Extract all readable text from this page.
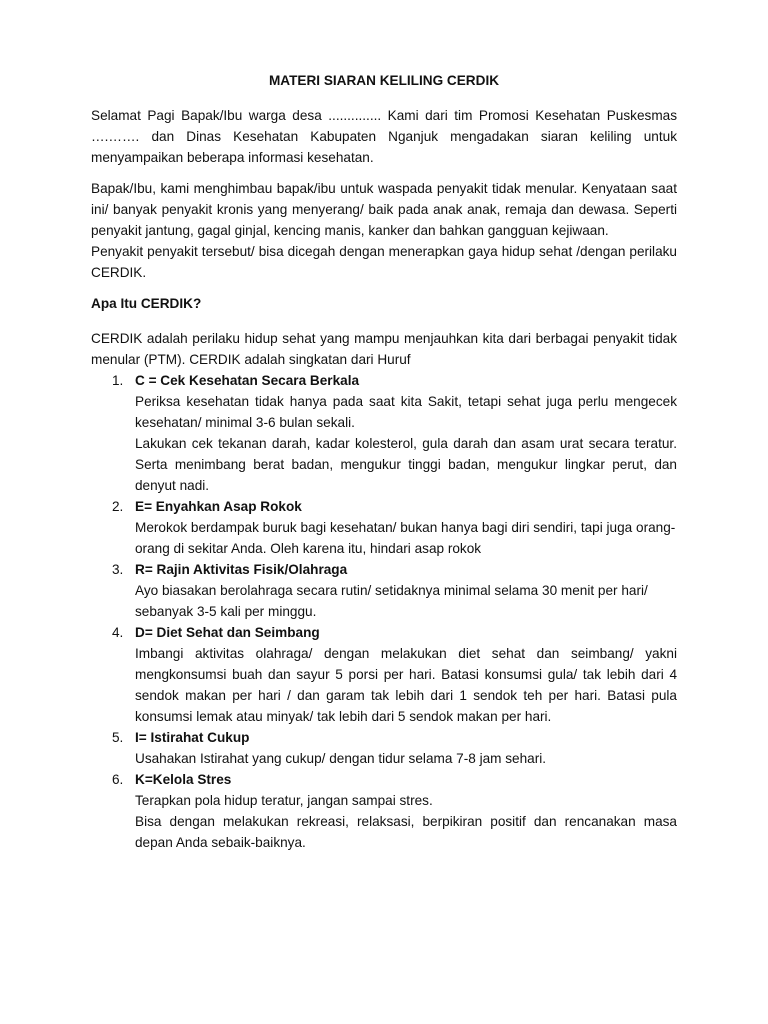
MATERI SIARAN KELILING CERDIK

Selamat Pagi Bapak/Ibu warga desa .............. Kami dari tim Promosi Kesehatan Puskesmas ….……. dan Dinas Kesehatan Kabupaten Nganjuk mengadakan siaran keliling untuk menyampaikan beberapa informasi kesehatan.

Bapak/Ibu, kami menghimbau bapak/ibu untuk waspada penyakit tidak menular. Kenyataan saat ini/ banyak penyakit kronis yang menyerang/ baik pada anak anak, remaja dan dewasa. Seperti penyakit jantung, gagal ginjal, kencing manis, kanker dan bahkan gangguan kejiwaan.

Penyakit penyakit tersebut/ bisa dicegah dengan menerapkan gaya hidup sehat /dengan perilaku CERDIK.

Apa Itu CERDIK?

CERDIK adalah perilaku hidup sehat yang mampu menjauhkan kita dari berbagai penyakit tidak menular (PTM). CERDIK adalah singkatan dari Huruf

1. C = Cek Kesehatan Secara Berkala

Periksa kesehatan tidak hanya pada saat kita Sakit, tetapi sehat juga perlu mengecek kesehatan/ minimal 3-6 bulan sekali.

Lakukan cek tekanan darah, kadar kolesterol, gula darah dan asam urat secara teratur. Serta menimbang berat badan, mengukur tinggi badan, mengukur lingkar perut, dan denyut nadi.

2. E= Enyahkan Asap Rokok

Merokok berdampak buruk bagi kesehatan/ bukan hanya bagi diri sendiri, tapi juga orang-orang di sekitar Anda. Oleh karena itu, hindari asap rokok

3. R= Rajin Aktivitas Fisik/Olahraga

Ayo biasakan berolahraga secara rutin/ setidaknya minimal selama 30 menit per hari/ sebanyak 3-5 kali per minggu.

4. D= Diet Sehat dan Seimbang

Imbangi aktivitas olahraga/ dengan melakukan diet sehat dan seimbang/ yakni mengkonsumsi buah dan sayur 5 porsi per hari. Batasi konsumsi gula/ tak lebih dari 4 sendok makan per hari / dan garam tak lebih dari 1 sendok teh per hari. Batasi pula konsumsi lemak atau minyak/ tak lebih dari 5 sendok makan per hari.

5. I= Istirahat Cukup

Usahakan Istirahat yang cukup/ dengan tidur selama 7-8 jam sehari.

6. K=Kelola Stres

Terapkan pola hidup teratur, jangan sampai stres.

Bisa dengan melakukan rekreasi, relaksasi, berpikiran positif dan rencanakan masa depan Anda sebaik-baiknya.
